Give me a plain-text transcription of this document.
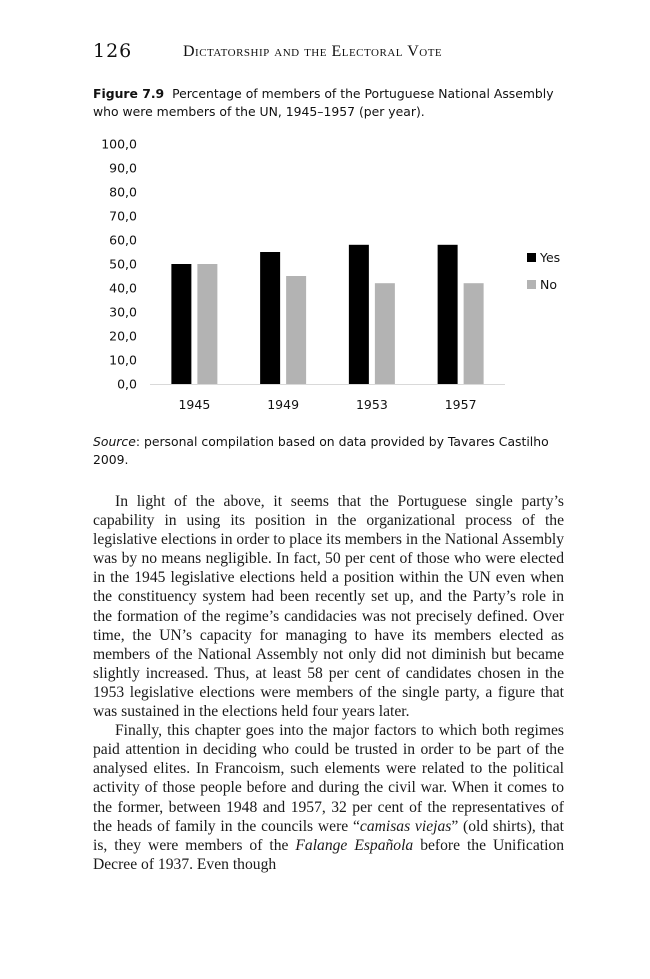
126	Dictatorship and the Electoral Vote
Figure 7.9 Percentage of members of the Portuguese National Assembly who were members of the UN, 1945–1957 (per year).
0,0
10,0
20,0
30,0
40,0
50,0
60,0
70,0
80,0
90,0
100,0
1945	1949	1953	1957
Yes
No
Source: personal compilation based on data provided by Tavares Castilho 2009.

In light of the above, it seems that the Portuguese single party’s capability in using its position in the organizational process of the legislative elections in order to place its members in the National Assembly was by no means negligible. In fact, 50 per cent of those who were elected in the 1945 legislative elections held a position within the UN even when the constituency system had been recently set up, and the Party’s role in the formation of the regime’s candidacies was not precisely defined. Over time, the UN’s capacity for managing to have its members elected as members of the National Assembly not only did not diminish but became slightly increased. Thus, at least 58 per cent of candidates chosen in the 1953 legislative elections were members of the single party, a figure that was sustained in the elections held four years later.

Finally, this chapter goes into the major factors to which both regimes paid attention in deciding who could be trusted in order to be part of the analysed elites. In Francoism, such elements were related to the political activity of those people before and during the civil war. When it comes to the former, between 1948 and 1957, 32 per cent of the representatives of the heads of family in the councils were “camisas viejas” (old shirts), that is, they were members of the Falange Española before the Unification Decree of 1937. Even though
